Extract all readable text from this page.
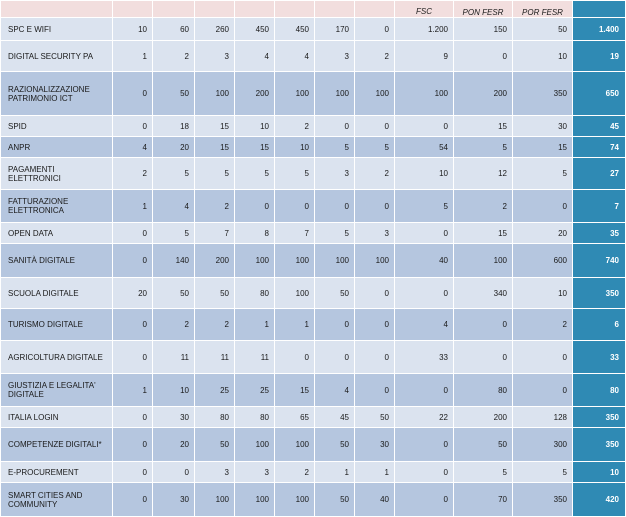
								FSC	PON FESR	POR FESR	
SPC E WIFI	10	60	260	450	450	170	0	1.200	150	50	1.400
DIGITAL SECURITY PA	1	2	3	4	4	3	2	9	0	10	19
RAZIONALIZZAZIONE PATRIMONIO ICT	0	50	100	200	100	100	100	100	200	350	650
SPID	0	18	15	10	2	0	0	0	15	30	45
ANPR	4	20	15	15	10	5	5	54	5	15	74
PAGAMENTI ELETTRONICI	2	5	5	5	5	3	2	10	12	5	27
FATTURAZIONE ELETTRONICA	1	4	2	0	0	0	0	5	2	0	7
OPEN DATA	0	5	7	8	7	5	3	0	15	20	35
SANITÀ DIGITALE	0	140	200	100	100	100	100	40	100	600	740
SCUOLA DIGITALE	20	50	50	80	100	50	0	0	340	10	350
TURISMO DIGITALE	0	2	2	1	1	0	0	4	0	2	6
AGRICOLTURA DIGITALE	0	11	11	11	0	0	0	33	0	0	33
GIUSTIZIA E LEGALITA' DIGITALE	1	10	25	25	15	4	0	0	80	0	80
ITALIA LOGIN	0	30	80	80	65	45	50	22	200	128	350
COMPETENZE DIGITALI*	0	20	50	100	100	50	30	0	50	300	350
E-PROCUREMENT	0	0	3	3	2	1	1	0	5	5	10
SMART CITIES AND COMMUNITY	0	30	100	100	100	50	40	0	70	350	420
